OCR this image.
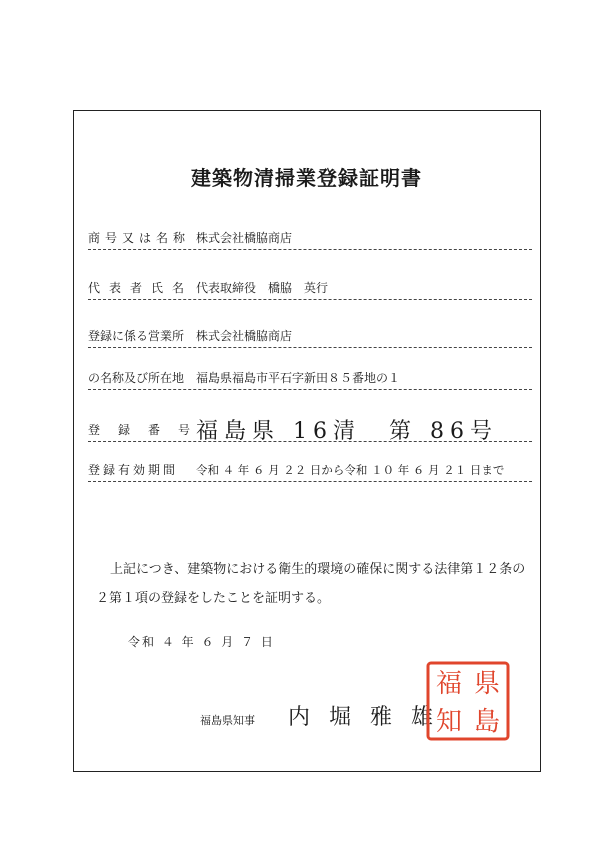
建築物清掃業登録証明書
商号又は名称 株式会社橋脇商店
代表者氏名 代表取締役　橋脇　英行
登録に係る営業所 株式会社橋脇商店
の名称及び所在地 福島県福島市平石字新田８５番地の１
登録番号
福島県 16清　第 86号
登録有効期間 令和 ４ 年 ６ 月 ２２ 日から令和 １０ 年 ６ 月 ２１ 日まで
上記につき、建築物における衛生的環境の確保に関する法律第１２条の２第１項の登録をしたことを証明する。
令和 ４ 年 ６ 月 ７ 日
福島県知事 内 堀 雅 雄
県
島
福
知
